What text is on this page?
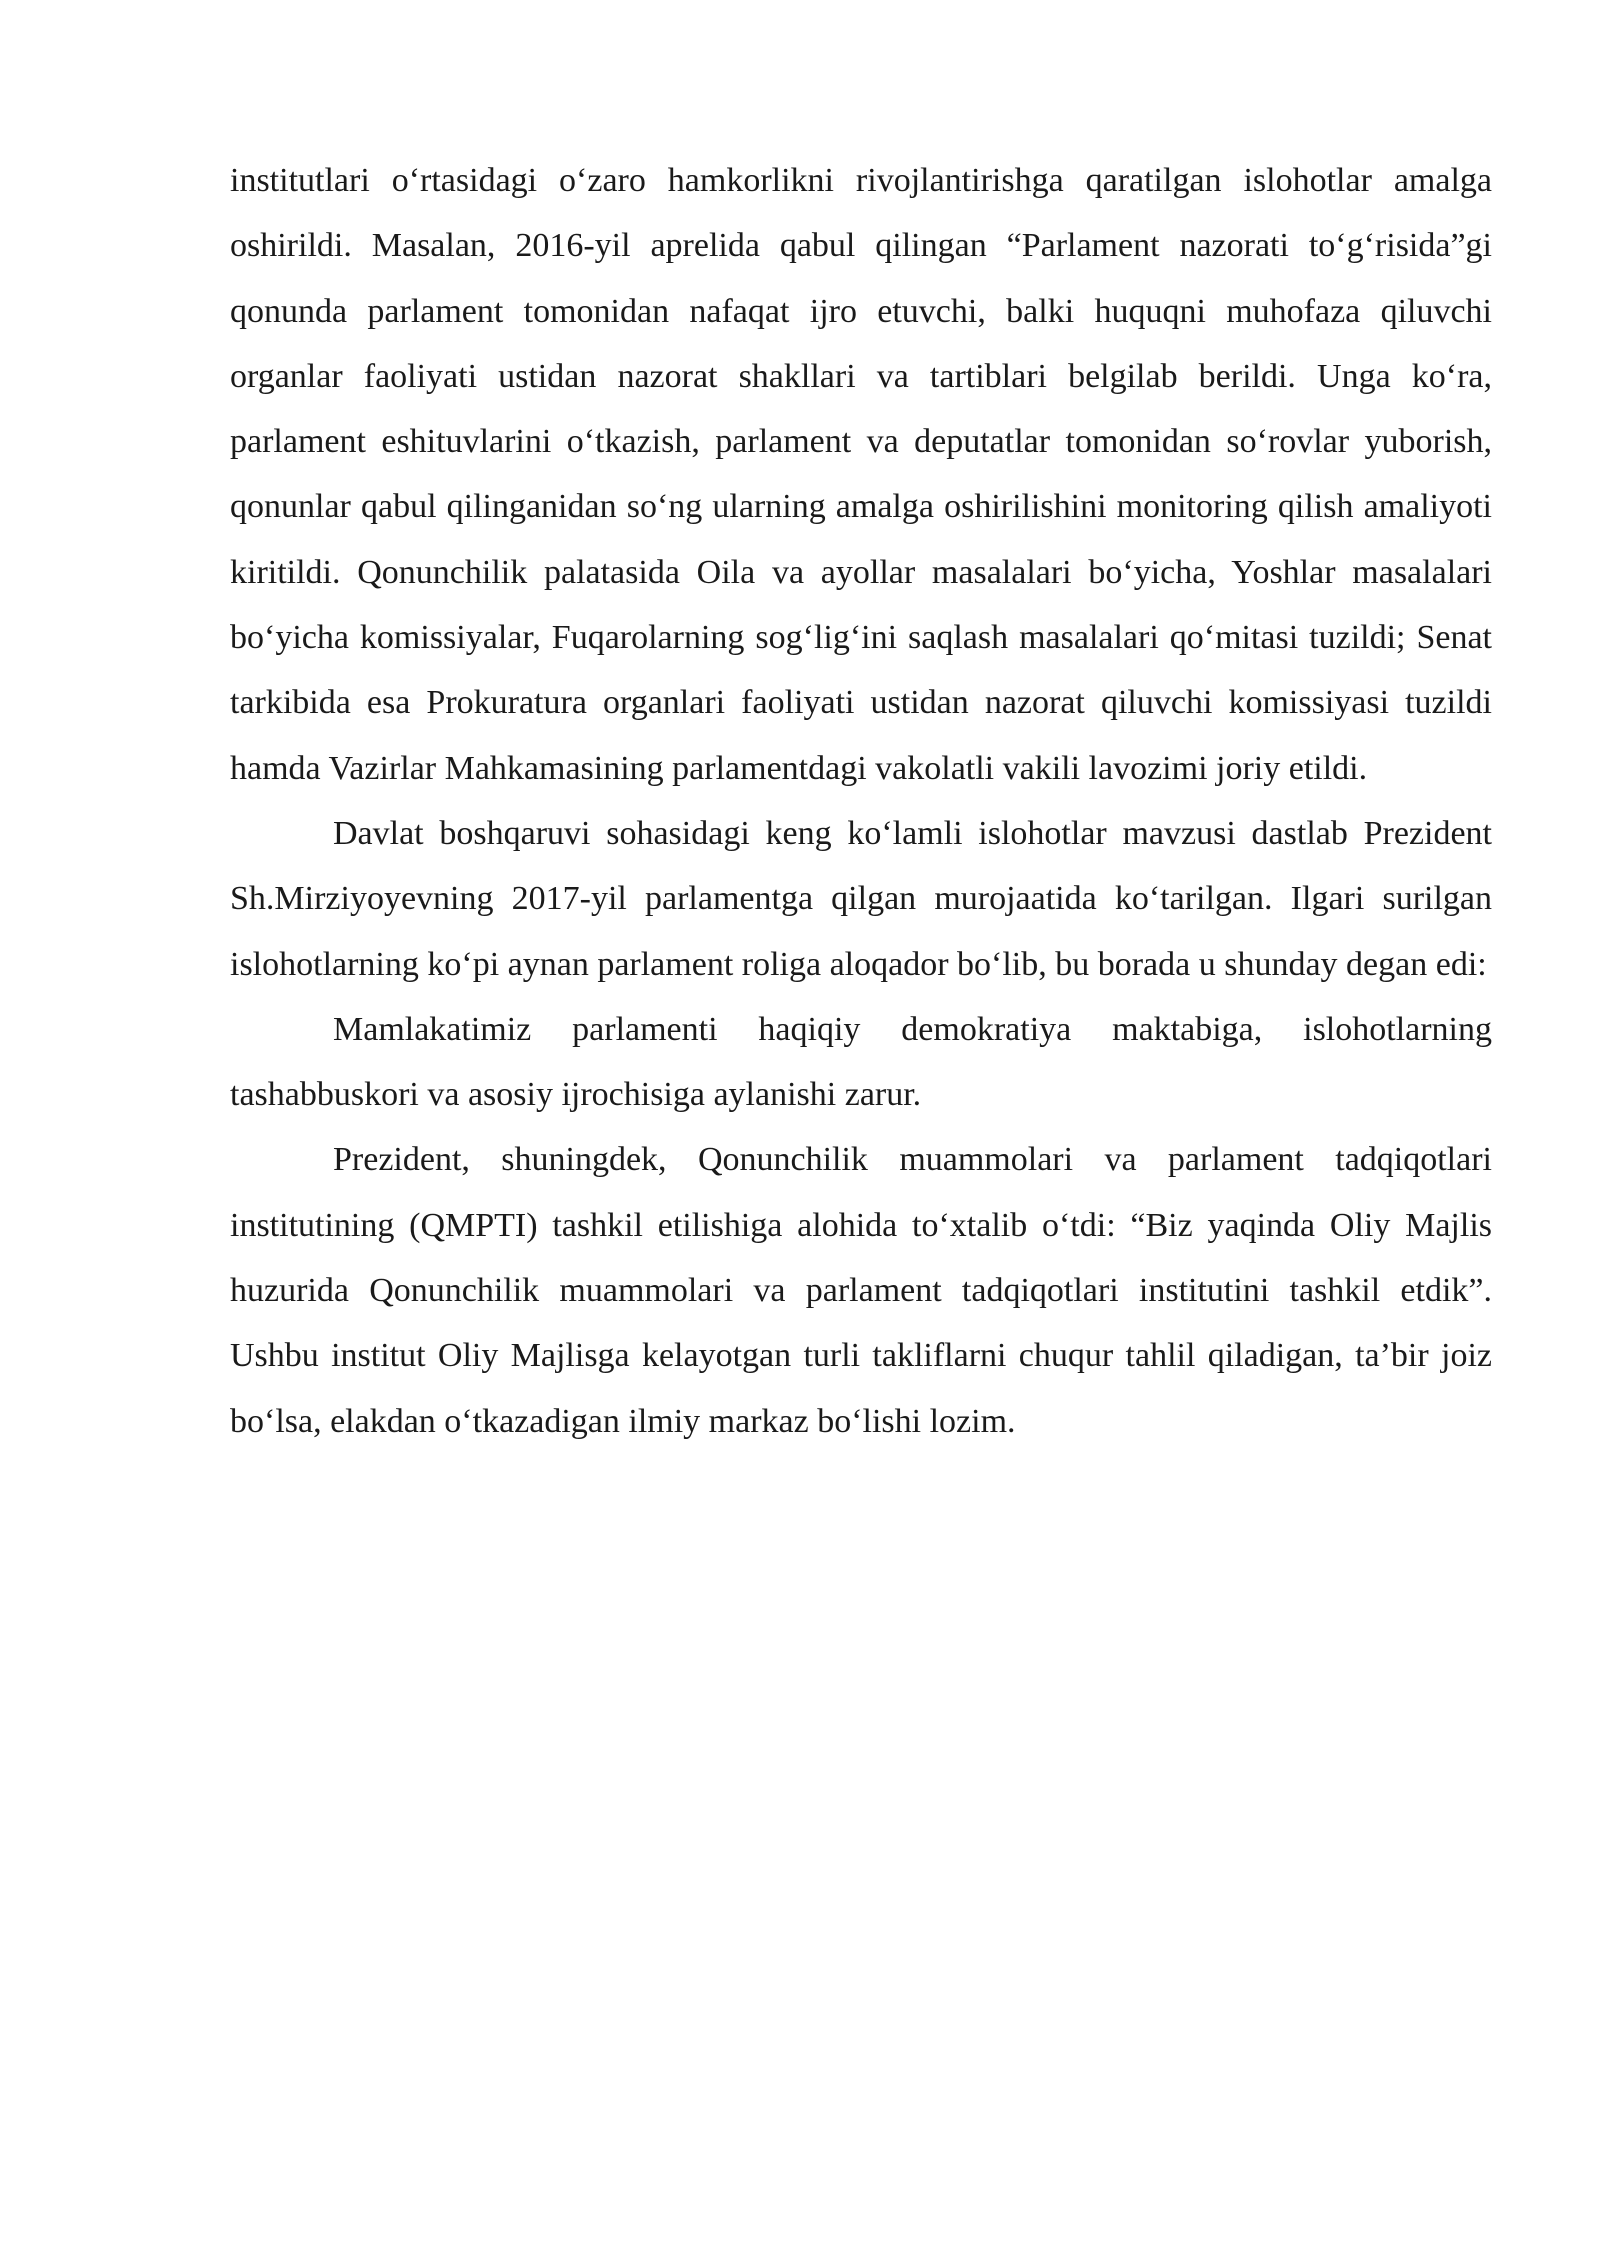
institutlari o‘rtasidagi o‘zaro hamkorlikni rivojlantirishga qaratilgan islohotlar amalga oshirildi. Masalan, 2016-yil aprelida qabul qilingan “Parlament nazorati to‘g‘risida”gi qonunda parlament tomonidan nafaqat ijro etuvchi, balki huquqni muhofaza qiluvchi organlar faoliyati ustidan nazorat shakllari va tartiblari belgilab berildi. Unga ko‘ra, parlament eshituvlarini o‘tkazish, parlament va deputatlar tomonidan so‘rovlar yuborish, qonunlar qabul qilinganidan so‘ng ularning amalga oshirilishini monitoring qilish amaliyoti kiritildi. Qonunchilik palatasida Oila va ayollar masalalari bo‘yicha, Yoshlar masalalari bo‘yicha komissiyalar, Fuqarolarning sog‘lig‘ini saqlash masalalari qo‘mitasi tuzildi; Senat tarkibida esa Prokuratura organlari faoliyati ustidan nazorat qiluvchi komissiyasi tuzildi hamda Vazirlar Mahkamasining parlamentdagi vakolatli vakili lavozimi joriy etildi.

Davlat boshqaruvi sohasidagi keng ko‘lamli islohotlar mavzusi dastlab Prezident Sh.Mirziyoyevning 2017-yil parlamentga qilgan murojaatida ko‘tarilgan. Ilgari surilgan islohotlarning ko‘pi aynan parlament roliga aloqador bo‘lib, bu borada u shunday degan edi:

Mamlakatimiz parlamenti haqiqiy demokratiya maktabiga, islohotlarning tashabbuskori va asosiy ijrochisiga aylanishi zarur.

Prezident, shuningdek, Qonunchilik muammolari va parlament tadqiqotlari institutining (QMPTI) tashkil etilishiga alohida to‘xtalib o‘tdi: “Biz yaqinda Oliy Majlis huzurida Qonunchilik muammolari va parlament tadqiqotlari institutini tashkil etdik”. Ushbu institut Oliy Majlisga kelayotgan turli takliflarni chuqur tahlil qiladigan, ta’bir joiz bo‘lsa, elakdan o‘tkazadigan ilmiy markaz bo‘lishi lozim.
